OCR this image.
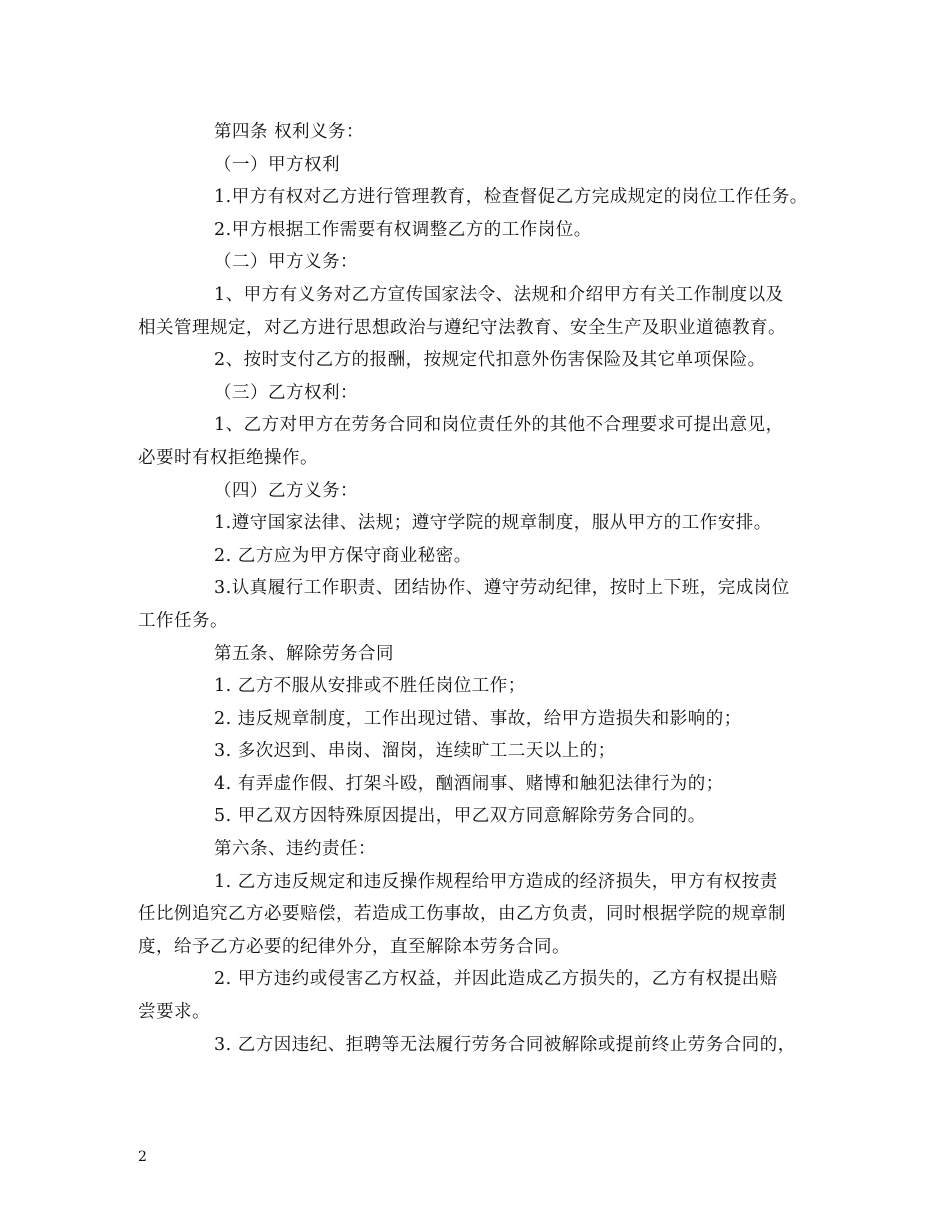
第四条 权利义务：
（一）甲方权利
1.甲方有权对乙方进行管理教育，检查督促乙方完成规定的岗位工作任务。
2.甲方根据工作需要有权调整乙方的工作岗位。
（二）甲方义务：
1、甲方有义务对乙方宣传国家法令、法规和介绍甲方有关工作制度以及
相关管理规定，对乙方进行思想政治与遵纪守法教育、安全生产及职业道德教育。
2、按时支付乙方的报酬，按规定代扣意外伤害保险及其它单项保险。
（三）乙方权利：
1、乙方对甲方在劳务合同和岗位责任外的其他不合理要求可提出意见，
必要时有权拒绝操作。
（四）乙方义务：
1.遵守国家法律、法规；遵守学院的规章制度，服从甲方的工作安排。
2. 乙方应为甲方保守商业秘密。
3.认真履行工作职责、团结协作、遵守劳动纪律，按时上下班，完成岗位
工作任务。
第五条、解除劳务合同
1. 乙方不服从安排或不胜任岗位工作；
2. 违反规章制度，工作出现过错、事故，给甲方造损失和影响的；
3. 多次迟到、串岗、溜岗，连续旷工二天以上的；
4. 有弄虚作假、打架斗殴，酗酒闹事、赌博和触犯法律行为的；
5. 甲乙双方因特殊原因提出，甲乙双方同意解除劳务合同的。
第六条、违约责任：
1. 乙方违反规定和违反操作规程给甲方造成的经济损失，甲方有权按责
任比例追究乙方必要赔偿，若造成工伤事故，由乙方负责，同时根据学院的规章制
度，给予乙方必要的纪律外分，直至解除本劳务合同。
2. 甲方违约或侵害乙方权益，并因此造成乙方损失的，乙方有权提出赔
尝要求。
3. 乙方因违纪、拒聘等无法履行劳务合同被解除或提前终止劳务合同的，
2
